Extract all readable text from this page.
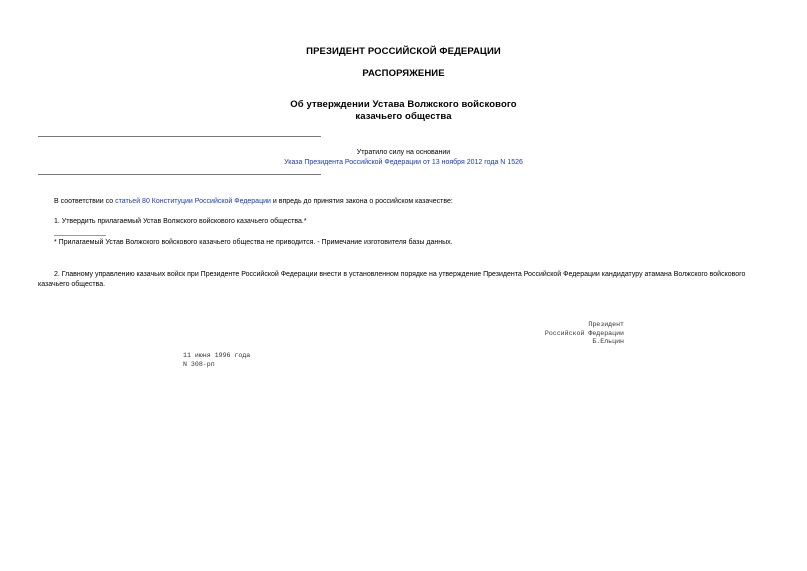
ПРЕЗИДЕНТ РОССИЙСКОЙ ФЕДЕРАЦИИ
РАСПОРЯЖЕНИЕ
Об утверждении Устава Волжского войскового
казачьего общества
Утратило силу на основании
Указа Президента Российской Федерации от 13 ноября 2012 года N 1526
В соответствии со статьей 80 Конституции Российской Федерации и впредь до принятия закона о российском казачестве:
1. Утвердить прилагаемый Устав Волжского войскового казачьего общества.*
* Прилагаемый Устав Волжского войскового казачьего общества не приводится. - Примечание изготовителя базы данных.
2. Главному управлению казачьих войск при Президенте Российской Федерации внести в установленном порядке на утверждение Президента Российской Федерации кандидатуру атамана Волжского войскового
казачьего общества.
Президент
Российской Федерации
Б.Ельцин
11 июня 1996 года
N 308-рп
